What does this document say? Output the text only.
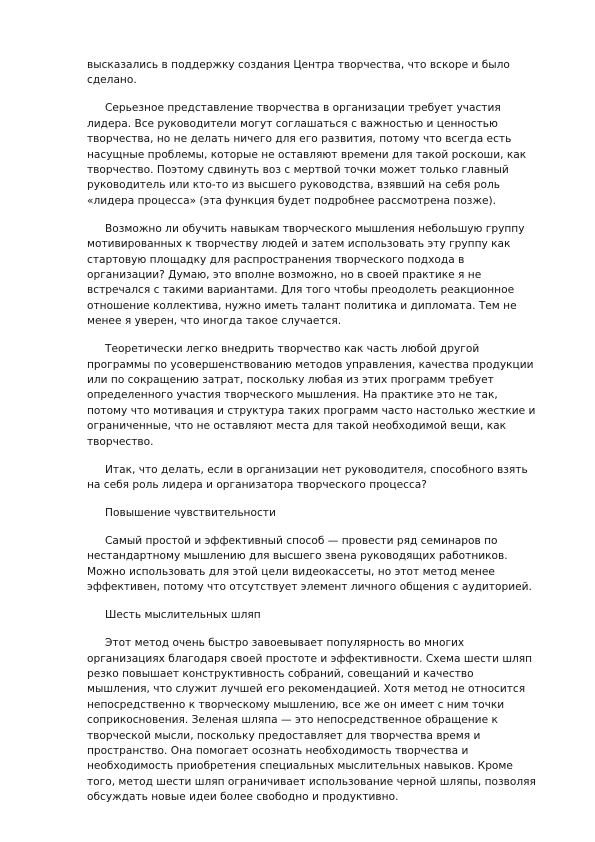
высказались в поддержку создания Центра творчества, что вскоре и было
сделано.
Серьезное представление творчества в организации требует участия
лидера. Все руководители могут соглашаться с важностью и ценностью
творчества, но не делать ничего для его развития, потому что всегда есть
насущные проблемы, которые не оставляют времени для такой роскоши, как
творчество. Поэтому сдвинуть воз с мертвой точки может только главный
руководитель или кто-то из высшего руководства, взявший на себя роль
«лидера процесса» (эта функция будет подробнее рассмотрена позже).
Возможно ли обучить навыкам творческого мышления небольшую группу
мотивированных к творчеству людей и затем использовать эту группу как
стартовую площадку для распространения творческого подхода в
организации? Думаю, это вполне возможно, но в своей практике я не
встречался с такими вариантами. Для того чтобы преодолеть реакционное
отношение коллектива, нужно иметь талант политика и дипломата. Тем не
менее я уверен, что иногда такое случается.
Теоретически легко внедрить творчество как часть любой другой
программы по усовершенствованию методов управления, качества продукции
или по сокращению затрат, поскольку любая из этих программ требует
определенного участия творческого мышления. На практике это не так,
потому что мотивация и структура таких программ часто настолько жесткие и
ограниченные, что не оставляют места для такой необходимой вещи, как
творчество.
Итак, что делать, если в организации нет руководителя, способного взять
на себя роль лидера и организатора творческого процесса?
Повышение чувствительности
Самый простой и эффективный способ — провести ряд семинаров по
нестандартному мышлению для высшего звена руководящих работников.
Можно использовать для этой цели видеокассеты, но этот метод менее
эффективен, потому что отсутствует элемент личного общения с аудиторией.
Шесть мыслительных шляп
Этот метод очень быстро завоевывает популярность во многих
организациях благодаря своей простоте и эффективности. Схема шести шляп
резко повышает конструктивность собраний, совещаний и качество
мышления, что служит лучшей его рекомендацией. Хотя метод не относится
непосредственно к творческому мышлению, все же он имеет с ним точки
соприкосновения. Зеленая шляпа — это непосредственное обращение к
творческой мысли, поскольку предоставляет для творчества время и
пространство. Она помогает осознать необходимость творчества и
необходимость приобретения специальных мыслительных навыков. Кроме
того, метод шести шляп ограничивает использование черной шляпы, позволяя
обсуждать новые идеи более свободно и продуктивно.
